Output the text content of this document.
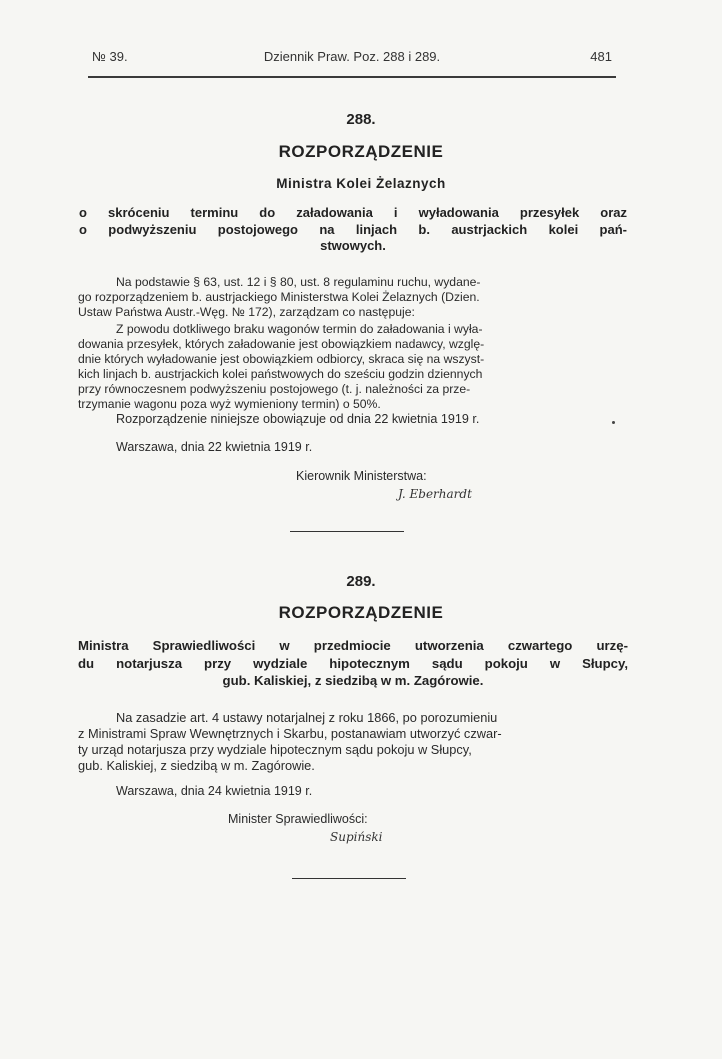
№ 39.	Dziennik Praw. Poz. 288 i 289.	481
288.
ROZPORZĄDZENIE
Ministra Kolei Żelaznych
o skróceniu terminu do załadowania i wyładowania przesyłek oraz
o podwyższeniu postojowego na linjach b. austrjackich kolei pań-
stwowych.
Na podstawie § 63, ust. 12 i § 80, ust. 8 regulaminu ruchu, wydane-
go rozporządzeniem b. austrjackiego Ministerstwa Kolei Żelaznych (Dzien.
Ustaw Państwa Austr.-Węg. № 172), zarządzam co następuje:
Z powodu dotkliwego braku wagonów termin do załadowania i wyła-
dowania przesyłek, których załadowanie jest obowiązkiem nadawcy, wzglę-
dnie których wyładowanie jest obowiązkiem odbiorcy, skraca się na wszyst-
kich linjach b. austrjackich kolei państwowych do sześciu godzin dziennych
przy równoczesnem podwyższeniu postojowego (t. j. należności za prze-
trzymanie wagonu poza wyż wymieniony termin) o 50%.
Rozporządzenie niniejsze obowiązuje od dnia 22 kwietnia 1919 r.
Warszawa, dnia 22 kwietnia 1919 r.
Kierownik Ministerstwa:
J. Eberhardt
289.
ROZPORZĄDZENIE
Ministra Sprawiedliwości w przedmiocie utworzenia czwartego urzę-
du notarjusza przy wydziale hipotecznym sądu pokoju w Słupcy,
gub. Kaliskiej, z siedzibą w m. Zagórowie.
Na zasadzie art. 4 ustawy notarjalnej z roku 1866, po porozumieniu
z Ministrami Spraw Wewnętrznych i Skarbu, postanawiam utworzyć czwar-
ty urząd notarjusza przy wydziale hipotecznym sądu pokoju w Słupcy,
gub. Kaliskiej, z siedzibą w m. Zagórowie.
Warszawa, dnia 24 kwietnia 1919 r.
Minister Sprawiedliwości:
Supiński
